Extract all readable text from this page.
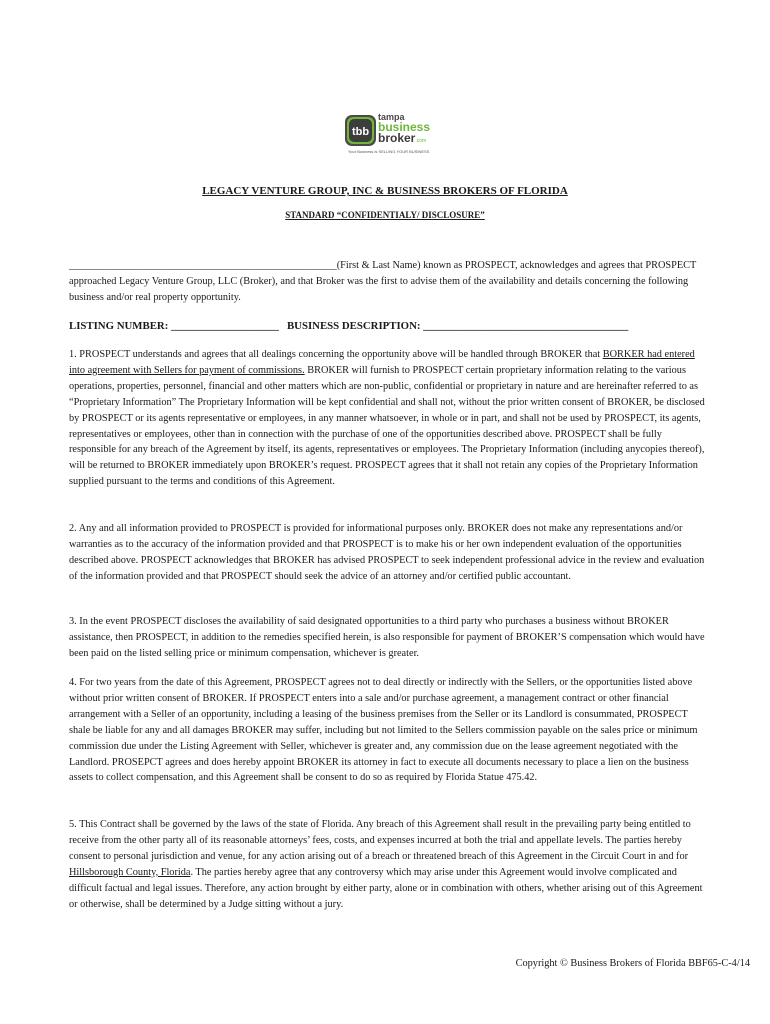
tbb
tampa
business
broker.com
Your Business is SELLING YOUR BUSINESS
LEGACY VENTURE GROUP, INC & BUSINESS BROKERS OF FLORIDA
STANDARD “CONFIDENTIALY/ DISCLOSURE”
____________________________________________________(First & Last Name) known as PROSPECT, acknowledges and agrees that PROSPECT approached Legacy Venture Group, LLC (Broker), and that Broker was the first to advise them of the availability and details concerning the following business and/or real property opportunity.
LISTING NUMBER: ____________________ BUSINESS DESCRIPTION: ______________________________________
1. PROSPECT understands and agrees that all dealings concerning the opportunity above will be handled through BROKER that BORKER had entered into agreement with Sellers for payment of commissions. BROKER will furnish to PROSPECT certain proprietary information relating to the various operations, properties, personnel, financial and other matters which are non-public, confidential or proprietary in nature and are hereinafter referred to as “Proprietary Information” The Proprietary Information will be kept confidential and shall not, without the prior written consent of BROKER, be disclosed by PROSPECT or its agents representative or employees, in any manner whatsoever, in whole or in part, and shall not be used by PROSPECT, its agents, representatives or employees, other than in connection with the purchase of one of the opportunities described above. PROSPECT shall be fully responsible for any breach of the Agreement by itself, its agents, representatives or employees. The Proprietary Information (including anycopies thereof), will be returned to BROKER immediately upon BROKER’s request. PROSPECT agrees that it shall not retain any copies of the Proprietary Information supplied pursuant to the terms and conditions of this Agreement.
2. Any and all information provided to PROSPECT is provided for informational purposes only. BROKER does not make any representations and/or warranties as to the accuracy of the information provided and that PROSPECT is to make his or her own independent evaluation of the opportunities described above. PROSPECT acknowledges that BROKER has advised PROSPECT to seek independent professional advice in the review and evaluation of the information provided and that PROSPECT should seek the advice of an attorney and/or certified public accountant.
3. In the event PROSPECT discloses the availability of said designated opportunities to a third party who purchases a business without BROKER assistance, then PROSPECT, in addition to the remedies specified herein, is also responsible for payment of BROKER’S compensation which would have been paid on the listed selling price or minimum compensation, whichever is greater.
4. For two years from the date of this Agreement, PROSPECT agrees not to deal directly or indirectly with the Sellers, or the opportunities listed above without prior written consent of BROKER. If PROSPECT enters into a sale and/or purchase agreement, a management contract or other financial arrangement with a Seller of an opportunity, including a leasing of the business premises from the Seller or its Landlord is consummated, PROSPECT shale be liable for any and all damages BROKER may suffer, including but not limited to the Sellers commission payable on the sales price or minimum commission due under the Listing Agreement with Seller, whichever is greater and, any commission due on the lease agreement negotiated with the Landlord. PROSEPCT agrees and does hereby appoint BROKER its attorney in fact to execute all documents necessary to place a lien on the business assets to collect compensation, and this Agreement shall be consent to do so as required by Florida Statue 475.42.
5. This Contract shall be governed by the laws of the state of Florida. Any breach of this Agreement shall result in the prevailing party being entitled to receive from the other party all of its reasonable attorneys’ fees, costs, and expenses incurred at both the trial and appellate levels. The parties hereby consent to personal jurisdiction and venue, for any action arising out of a breach or threatened breach of this Agreement in the Circuit Court in and for Hillsborough County, Florida. The parties hereby agree that any controversy which may arise under this Agreement would involve complicated and difficult factual and legal issues. Therefore, any action brought by either party, alone or in combination with others, whether arising out of this Agreement or otherwise, shall be determined by a Judge sitting without a jury.
Copyright © Business Brokers of Florida BBF65-C-4/14
